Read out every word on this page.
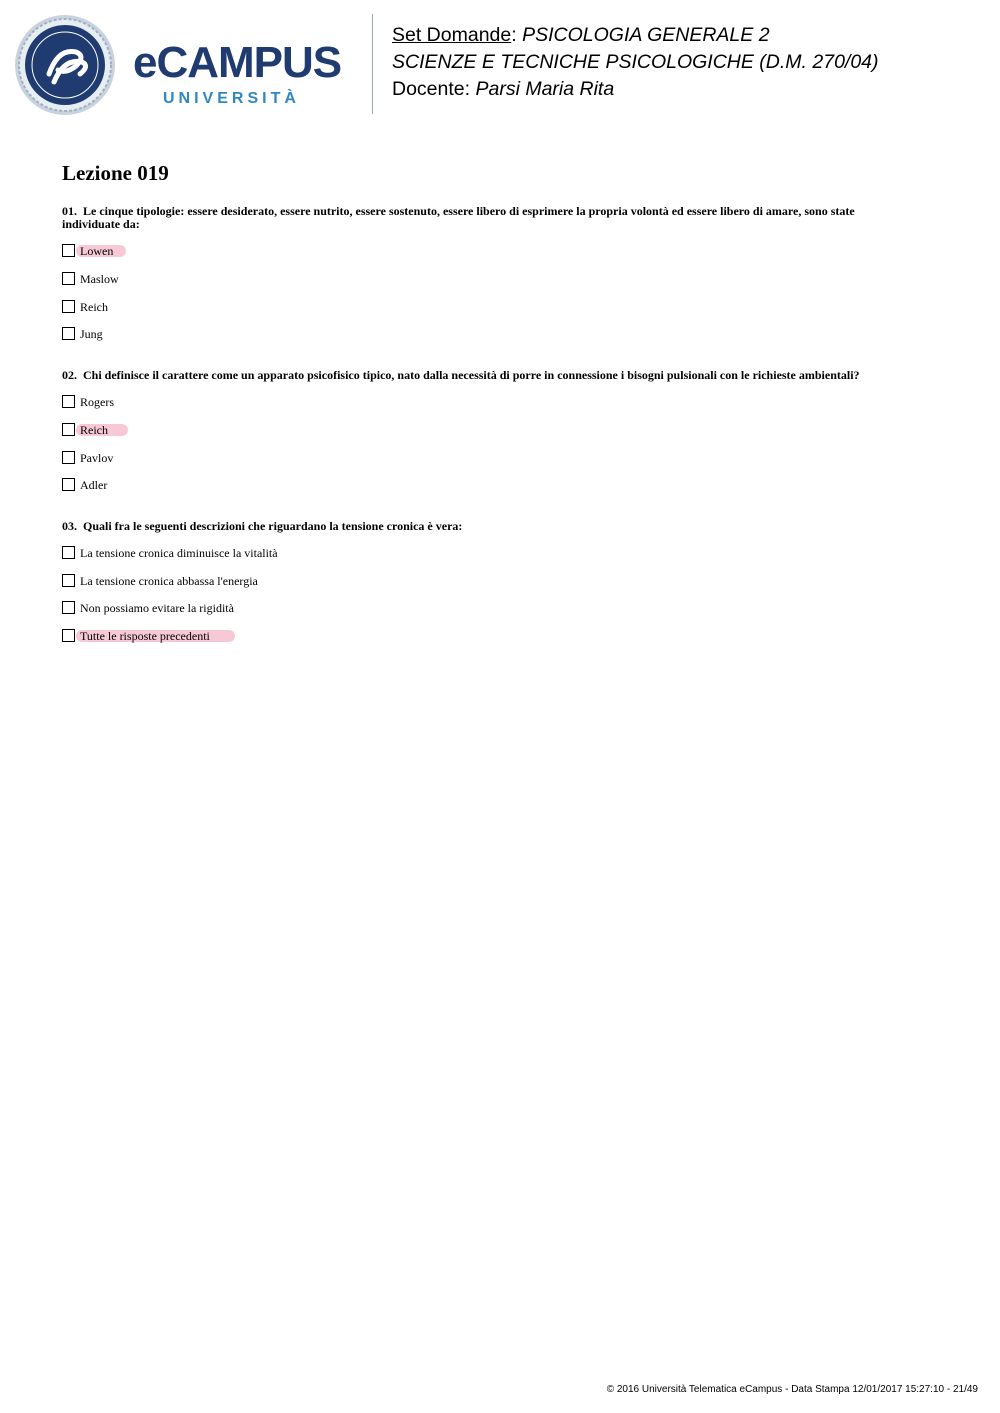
eCAMPUS
UNIVERSITÀ
Set Domande: PSICOLOGIA GENERALE 2
SCIENZE E TECNICHE PSICOLOGICHE (D.M. 270/04)
Docente: Parsi Maria Rita
Lezione 019

01. Le cinque tipologie: essere desiderato, essere nutrito, essere sostenuto, essere libero di esprimere la propria volontà ed essere libero di amare, sono state individuate da:

Lowen
Maslow
Reich
Jung

02. Chi definisce il carattere come un apparato psicofisico tipico, nato dalla necessità di porre in connessione i bisogni pulsionali con le richieste ambientali?

Rogers
Reich
Pavlov
Adler

03. Quali fra le seguenti descrizioni che riguardano la tensione cronica è vera:

La tensione cronica diminuisce la vitalità
La tensione cronica abbassa l'energia
Non possiamo evitare la rigidità
Tutte le risposte precedenti
© 2016 Università Telematica eCampus - Data Stampa 12/01/2017 15:27:10 - 21/49
